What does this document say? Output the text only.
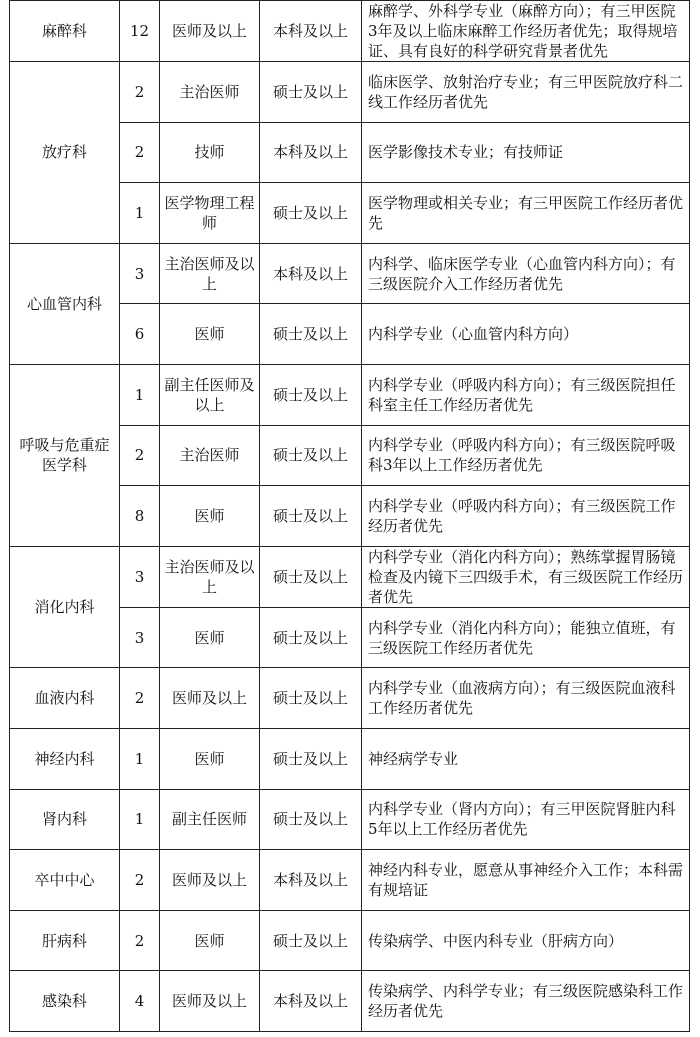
麻醉科	12	医师及以上	本科及以上	麻醉学、外科学专业（麻醉方向）；有三甲医院3年及以上临床麻醉工作经历者优先；取得规培证、具有良好的科学研究背景者优先
放疗科	2	主治医师	硕士及以上	临床医学、放射治疗专业；有三甲医院放疗科二线工作经历者优先
	2	技师	本科及以上	医学影像技术专业；有技师证
	1	医学物理工程师	硕士及以上	医学物理或相关专业；有三甲医院工作经历者优先
心血管内科	3	主治医师及以上	本科及以上	内科学、临床医学专业（心血管内科方向）；有三级医院介入工作经历者优先
	6	医师	硕士及以上	内科学专业（心血管内科方向）
呼吸与危重症医学科	1	副主任医师及以上	硕士及以上	内科学专业（呼吸内科方向）；有三级医院担任科室主任工作经历者优先
	2	主治医师	硕士及以上	内科学专业（呼吸内科方向）；有三级医院呼吸科3年以上工作经历者优先
	8	医师	硕士及以上	内科学专业（呼吸内科方向）；有三级医院工作经历者优先
消化内科	3	主治医师及以上	硕士及以上	内科学专业（消化内科方向）；熟练掌握胃肠镜检查及内镜下三四级手术，有三级医院工作经历者优先
	3	医师	硕士及以上	内科学专业（消化内科方向）；能独立值班，有三级医院工作经历者优先
血液内科	2	医师及以上	硕士及以上	内科学专业（血液病方向）；有三级医院血液科工作经历者优先
神经内科	1	医师	硕士及以上	神经病学专业
肾内科	1	副主任医师	硕士及以上	内科学专业（肾内方向）；有三甲医院肾脏内科5年以上工作经历者优先
卒中中心	2	医师及以上	本科及以上	神经内科专业，愿意从事神经介入工作；本科需有规培证
肝病科	2	医师	硕士及以上	传染病学、中医内科专业（肝病方向）
感染科	4	医师及以上	本科及以上	传染病学、内科学专业；有三级医院感染科工作经历者优先
